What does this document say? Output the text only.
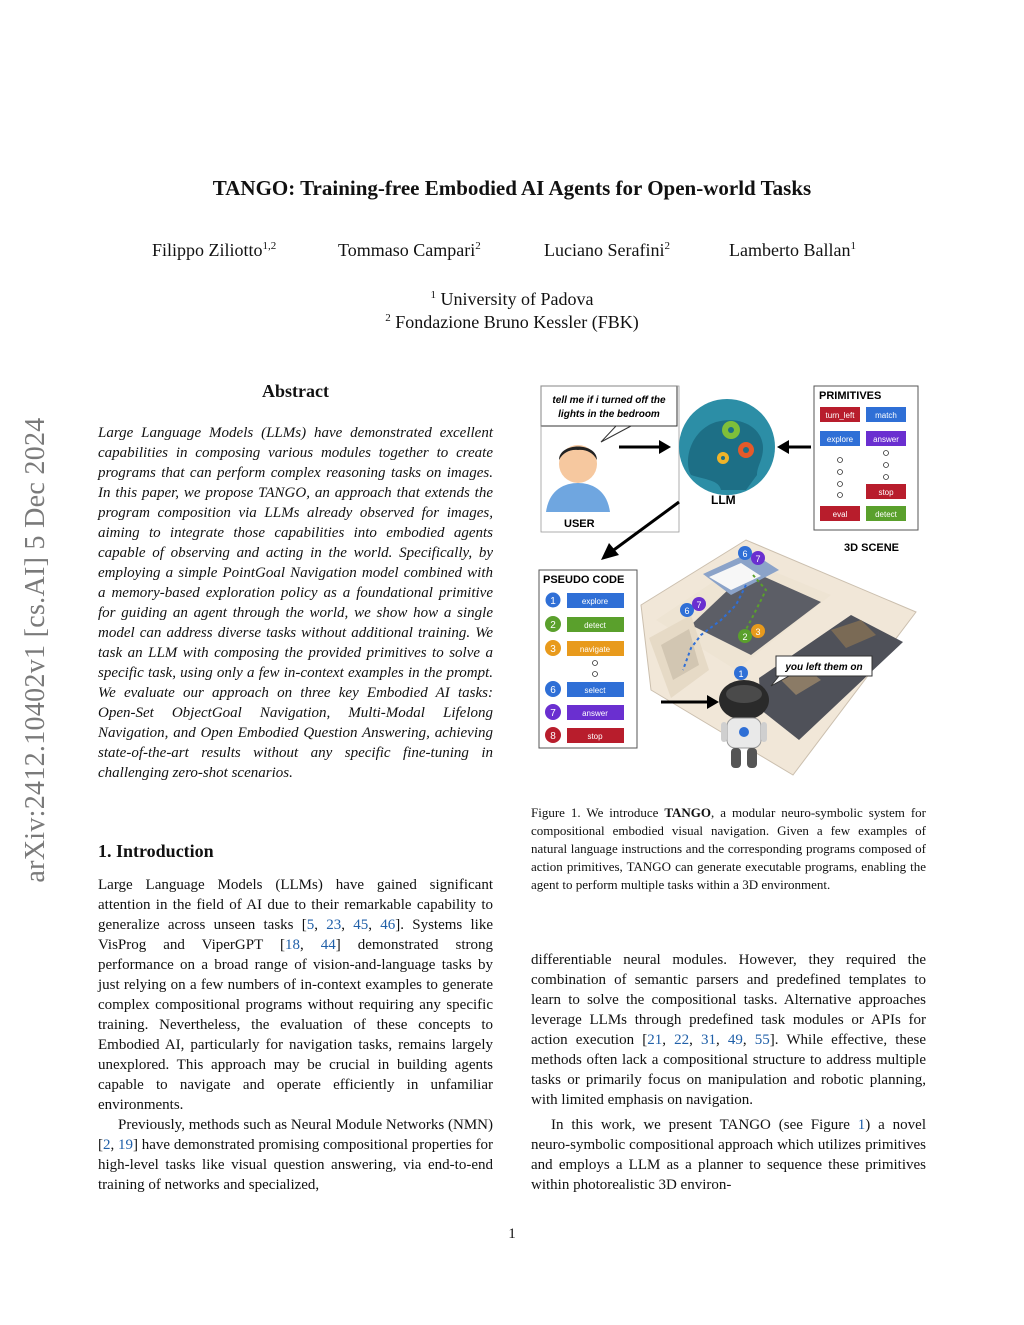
arXiv:2412.10402v1 [cs.AI] 5 Dec 2024
TANGO: Training-free Embodied AI Agents for Open-world Tasks
Filippo Ziliotto$^{1,2}$	Tommaso Campari$^2$	Luciano Serafini$^2$	Lamberto Ballan$^1$
$^1$ University of Padova
$^2$ Fondazione Bruno Kessler (FBK)
Abstract
Large Language Models (LLMs) have demonstrated excellent capabilities in composing various modules together to create programs that can perform complex reasoning tasks on images. In this paper, we propose TANGO, an approach that extends the program composition via LLMs already observed for images, aiming to integrate those capabilities into embodied agents capable of observing and acting in the world. Specifically, by employing a simple PointGoal Navigation model combined with a memory-based exploration policy as a foundational primitive for guiding an agent through the world, we show how a single model can address diverse tasks without additional training. We task an LLM with composing the provided primitives to solve a specific task, using only a few in-context examples in the prompt. We evaluate our approach on three key Embodied AI tasks: Open-Set ObjectGoal Navigation, Multi-Modal Lifelong Navigation, and Open Embodied Question Answering, achieving state-of-the-art results without any specific fine-tuning in challenging zero-shot scenarios.
1. Introduction

Large Language Models (LLMs) have gained significant attention in the field of AI due to their remarkable capability to generalize across unseen tasks [5, 23, 45, 46]. Systems like VisProg and ViperGPT [18, 44] demonstrated strong performance on a broad range of vision-and-language tasks by just relying on a few numbers of in-context examples to generate complex compositional programs without requiring any specific training. Nevertheless, the evaluation of these concepts to Embodied AI, particularly for navigation tasks, remains largely unexplored. This approach may be crucial in building agents capable to navigate and operate efficiently in unfamiliar environments.

Previously, methods such as Neural Module Networks (NMN) [2, 19] have demonstrated promising compositional properties for high-level tasks like visual question answering, via end-to-end training of networks and specialized,

tell me if i turned off the
lights in the bedroom
USER
LLM
PRIMITIVES
turn_left	match
explore answer
stop
eval	detect
3D SCENE
PSEUDO CODE
1	explore
2	detect
3	navigate
6	select
7	answer
8	stop
6 7
6
7
2 3
1
you left them on
Figure 1. We introduce TANGO, a modular neuro-symbolic system for compositional embodied visual navigation. Given a few examples of natural language instructions and the corresponding programs composed of action primitives, TANGO can generate executable programs, enabling the agent to perform multiple tasks within a 3D environment.

differentiable neural modules. However, they required the combination of semantic parsers and predefined templates to learn to solve the compositional tasks. Alternative approaches leverage LLMs through predefined task modules or APIs for action execution [21, 22, 31, 49, 55]. While effective, these methods often lack a compositional structure to address multiple tasks or primarily focus on manipulation and robotic planning, with limited emphasis on navigation.

In this work, we present TANGO (see Figure 1) a novel neuro-symbolic compositional approach which utilizes primitives and employs a LLM as a planner to sequence these primitives within photorealistic 3D environ-

1
